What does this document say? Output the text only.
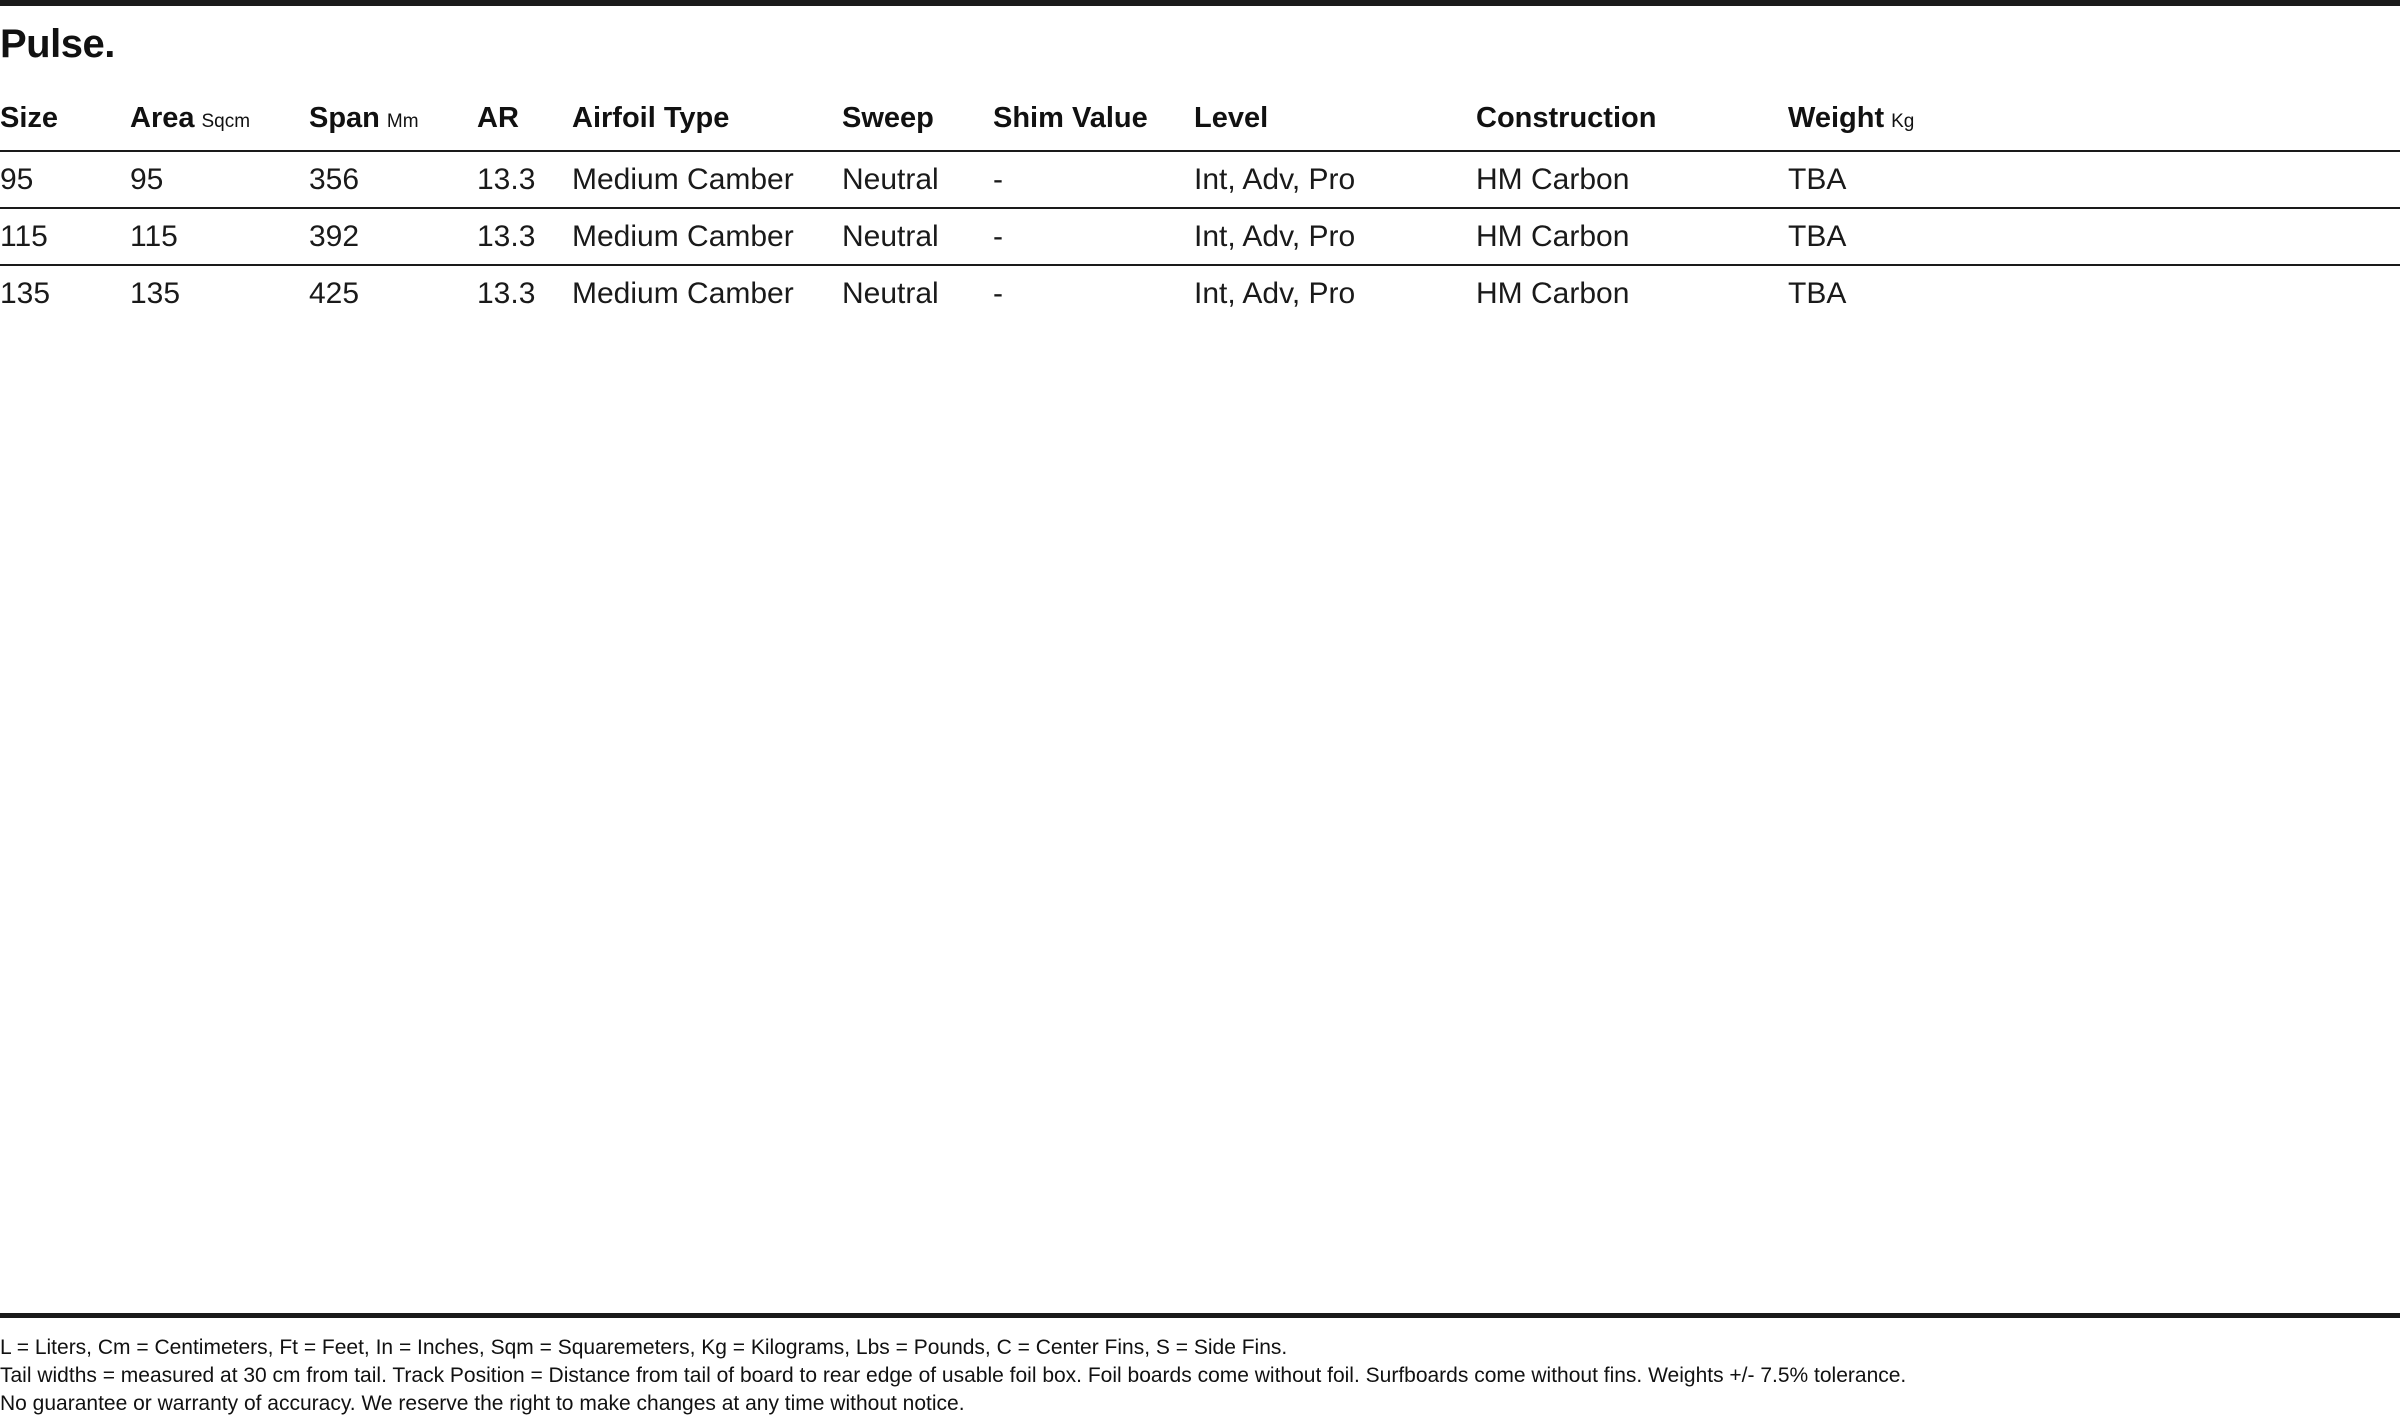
Pulse.
Size	Area Sqcm	Span Mm	AR	Airfoil Type	Sweep	Shim Value	Level	Construction	Weight Kg
95	95	356	13.3	Medium Camber	Neutral	-	Int, Adv, Pro	HM Carbon	TBA
115	115	392	13.3	Medium Camber	Neutral	-	Int, Adv, Pro	HM Carbon	TBA
135	135	425	13.3	Medium Camber	Neutral	-	Int, Adv, Pro	HM Carbon	TBA
L = Liters, Cm = Centimeters, Ft = Feet, In = Inches, Sqm = Squaremeters, Kg = Kilograms, Lbs = Pounds, C = Center Fins, S = Side Fins.
Tail widths = measured at 30 cm from tail. Track Position = Distance from tail of board to rear edge of usable foil box. Foil boards come without foil. Surfboards come without fins. Weights +/- 7.5% tolerance.
No guarantee or warranty of accuracy. We reserve the right to make changes at any time without notice.
